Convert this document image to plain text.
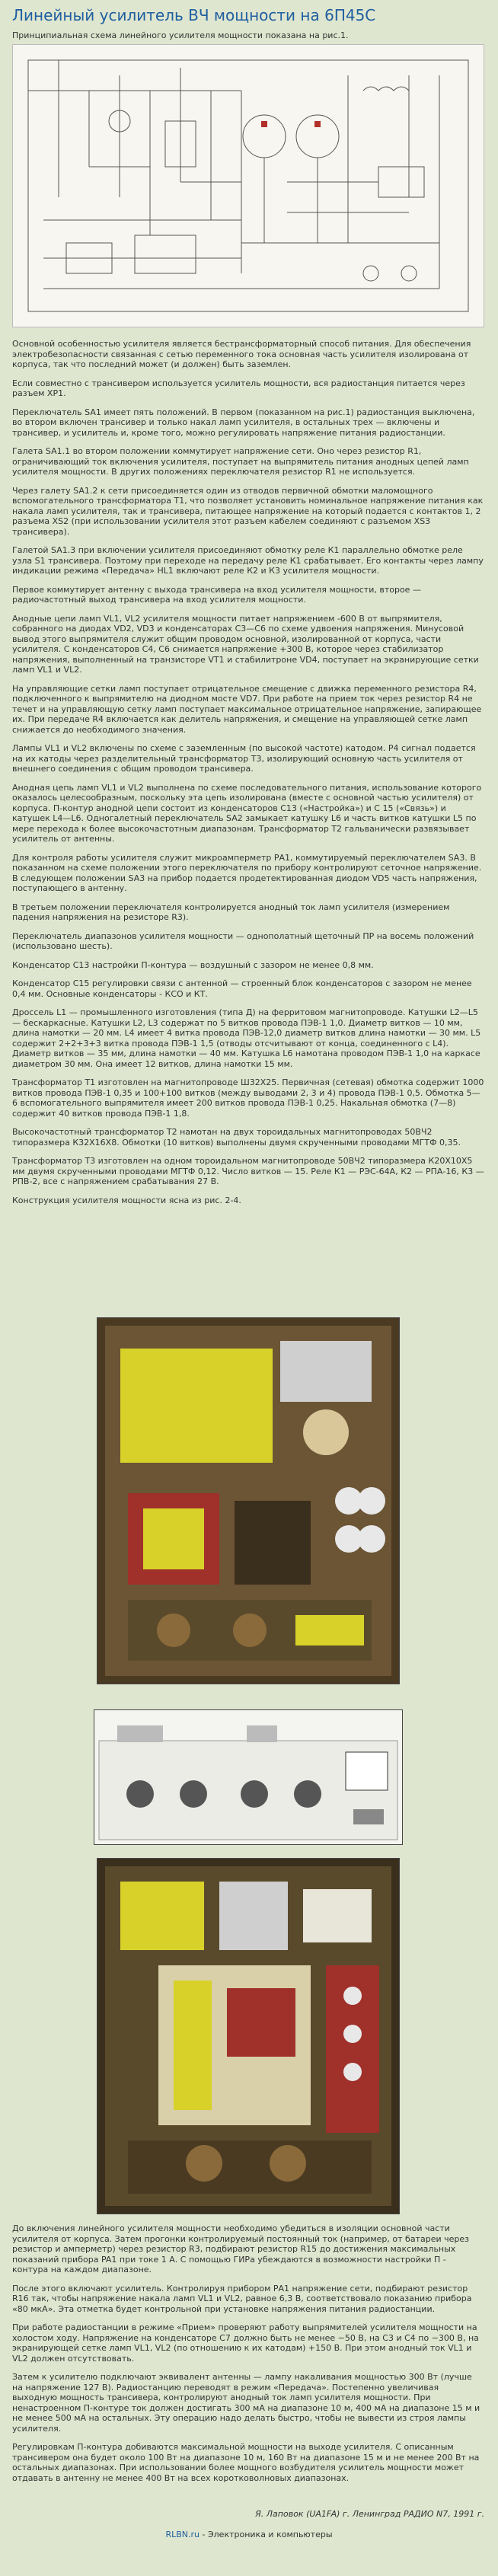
Линейный усилитель ВЧ мощности на 6П45С
Принципиальная схема линейного усилителя мощности показана на рис.1.

Основной особенностью усилителя является бестрансформаторный способ питания. Для обеспечения электробезопасности связанная с сетью переменного тока основная часть усилителя изолирована от корпуса, так что последний может (и должен) быть заземлен.

Если совместно с трансивером используется усилитель мощности, вся радиостанция питается через разъем ХР1.

Переключатель SA1 имеет пять положений. В первом (показанном на рис.1) радиостанция выключена, во втором включен трансивер и только накал ламп усилителя, в остальных трех — включены и трансивер, и усилитель и, кроме того, можно регулировать напряжение питания радиостанции.

Галета SA1.1 во втором положении коммутирует напряжение сети. Оно через резистор R1, ограничивающий ток включения усилителя, поступает на выпрямитель питания анодных цепей ламп усилителя мощности. В других положениях переключателя резистор R1 не используется.

Через галету SA1.2 к сети присоединяется один из отводов первичной обмотки маломощного вспомогательного трансформатора Т1, что позволяет установить номинальное напряжение питания как накала ламп усилителя, так и трансивера, питающее напряжение на который подается с контактов 1, 2 разъема XS2 (при использовании усилителя этот разъем кабелем соединяют с разъемом XS3 трансивера).

Галетой SA1.3 при включении усилителя присоединяют обмотку реле К1 параллельно обмотке реле узла S1 трансивера. Поэтому при переходе на передачу реле К1 срабатывает. Его контакты через лампу индикации режима «Передача» HL1 включают реле К2 и К3 усилителя мощности.

Первое коммутирует антенну с выхода трансивера на вход усилителя мощности, второе — радиочастотный выход трансивера на вход усилителя мощности.

Анодные цепи ламп VL1, VL2 усилителя мощности питает напряжением -600 В от выпрямителя, собранного на диодах VD2, VD3 и конденсаторах С3—С6 по схеме удвоения напряжения. Минусовой вывод этого выпрямителя служит общим проводом основной, изолированной от корпуса, части усилителя. С конденсаторов С4, С6 снимается напряжение +300 В, которое через стабилизатор напряжения, выполненный на транзисторе VT1 и стабилитроне VD4, поступает на экранирующие сетки ламп VL1 и VL2.

На управляющие сетки ламп поступает отрицательное смещение с движка переменного резистора R4, подключенного к выпрямителю на диодном мосте VD7. При работе на прием ток через резистор R4 не течет и на управляющую сетку ламп поступает максимальное отрицательное напряжение, запирающее их. При передаче R4 включается как делитель напряжения, и смещение на управляющей сетке ламп снижается до необходимого значения.

Лампы VL1 и VL2 включены по схеме с заземленным (по высокой частоте) катодом. Р4 сигнал подается на их катоды через разделительный трансформатор Т3, изолирующий основную часть усилителя от внешнего соединения с общим проводом трансивера.

Анодная цепь ламп VL1 и VL2 выполнена по схеме последовательного питания, использование которого оказалось целесообразным, поскольку эта цепь изолирована (вместе с основной частью усилителя) от корпуса. П-контур анодной цепи состоит из конденсаторов С13 («Настройка») и С 15 («Связь») и катушек L4—L6. Одногалетный переключатель SA2 замыкает катушку L6 и часть витков катушки L5 по мере перехода к более высокочастотным диапазонам. Трансформатор Т2 гальванически развязывает усилитель от антенны.

Для контроля работы усилителя служит микроамперметр РА1, коммутируемый переключателем SA3. В показанном на схеме положении этого переключателя по прибору контролируют сеточное напряжение. В следующем положении SA3 на прибор подается продетектированная диодом VD5 часть напряжения, поступающего в антенну.

В третьем положении переключателя контролируется анодный ток ламп усилителя (измерением падения напряжения на резисторе R3).

Переключатель диапазонов усилителя мощности — однополатный щеточный ПР на восемь положений (использовано шесть).

Конденсатор С13 настройки П-контура — воздушный с зазором не менее 0,8 мм.

Конденсатор С15 регулировки связи с антенной — строенный блок конденсаторов с зазором не менее 0,4 мм. Основные конденсаторы - КСО и КТ.

Дроссель L1 — промышленного изготовления (типа Д) на ферритовом магнитопроводе. Катушки L2—L5 — бескаркасные. Катушки L2, L3 содержат по 5 витков провода ПЭВ-1 1,0. Диаметр витков — 10 мм, длина намотки — 20 мм. L4 имеет 4 витка провода ПЭВ-12,0 диаметр витков длина намотки — 30 мм. L5 содержит 2+2+3+3 витка провода ПЭВ-1 1,5 (отводы отсчитывают от конца, соединенного с L4). Диаметр витков — 35 мм, длина намотки — 40 мм. Катушка L6 намотана проводом ПЭВ-1 1,0 на каркасе диаметром 30 мм. Она имеет 12 витков, длина намотки 15 мм.

Трансформатор Т1 изготовлен на магнитопроводе Ш32Х25. Первичная (сетевая) обмотка содержит 1000 витков провода ПЭВ-1 0,35 и 100+100 витков (между выводами 2, 3 и 4) провода ПЭВ-1 0,5. Обмотка 5—6 вспомогательного выпрямителя имеет 200 витков провода ПЭВ-1 0,25. Накальная обмотка (7—8) содержит 40 витков провода ПЭВ-1 1,8.

Высокочастотный трансформатор Т2 намотан на двух тороидальных магнитопроводах 50ВЧ2 типоразмера К32Х16Х8. Обмотки (10 витков) выполнены двумя скрученными проводами МГТФ 0,35.

Трансформатор Т3 изготовлен на одном тороидальном магнитопроводе 50ВЧ2 типоразмера К20Х10Х5 мм двумя скрученными проводами МГТФ 0,12. Число витков — 15. Реле К1 — РЭС-64А, К2 — РПА-16, К3 — РПВ-2, все с напряжением срабатывания 27 В.

Конструкция усилителя мощности ясна из рис. 2-4.

До включения линейного усилителя мощности необходимо убедиться в изоляции основной части усилителя от корпуса. Затем прогонки контролируемый постоянный ток (например, от батареи через резистор и амперметр) через резистор R3, подбирают резистор R15 до достижения максимальных показаний прибора PA1 при токе 1 А. С помощью ГИРа убеждаются в возможности настройки П - контура на каждом диапазоне.

После этого включают усилитель. Контролируя прибором РА1 напряжение сети, подбирают резистор R16 так, чтобы напряжение накала ламп VL1 и VL2, равное 6,3 В, соответствовало показанию прибора «80 мкА». Эта отметка будет контрольной при установке напряжения питания радиостанции.

При работе радиостанции в режиме «Прием» проверяют работу выпрямителей усилителя мощности на холостом ходу. Напряжение на конденсаторе С7 должно быть не менее −50 В, на С3 и С4 по −300 В, на экранирующей сетке ламп VL1, VL2 (по отношению к их катодам) +150 В. При этом анодный ток VL1 и VL2 должен отсутствовать.

Затем к усилителю подключают эквивалент антенны — лампу накаливания мощностью 300 Вт (лучше на напряжение 127 В). Радиостанцию переводят в режим «Передача». Постепенно увеличивая выходную мощность трансивера, контролируют анодный ток ламп усилителя мощности. При ненастроенном П-контуре ток должен достигать 300 мА на диапазоне 10 м, 400 мА на диапазоне 15 м и не менее 500 мА на остальных. Эту операцию надо делать быстро, чтобы не вывести из строя лампы усилителя.

Регулировкам П-контура добиваются максимальной мощности на выходе усилителя. С описанным трансивером она будет около 100 Вт на диапазоне 10 м, 160 Вт на диапазоне 15 м и не менее 200 Вт на остальных диапазонах. При использовании более мощного возбудителя усилитель мощности может отдавать в антенну не менее 400 Вт на всех коротковолновых диапазонах.

Я. Лаповок (UA1FA) г. Ленинград РАДИО N7, 1991 г.
RLBN.ru - Электроника и компьютеры
